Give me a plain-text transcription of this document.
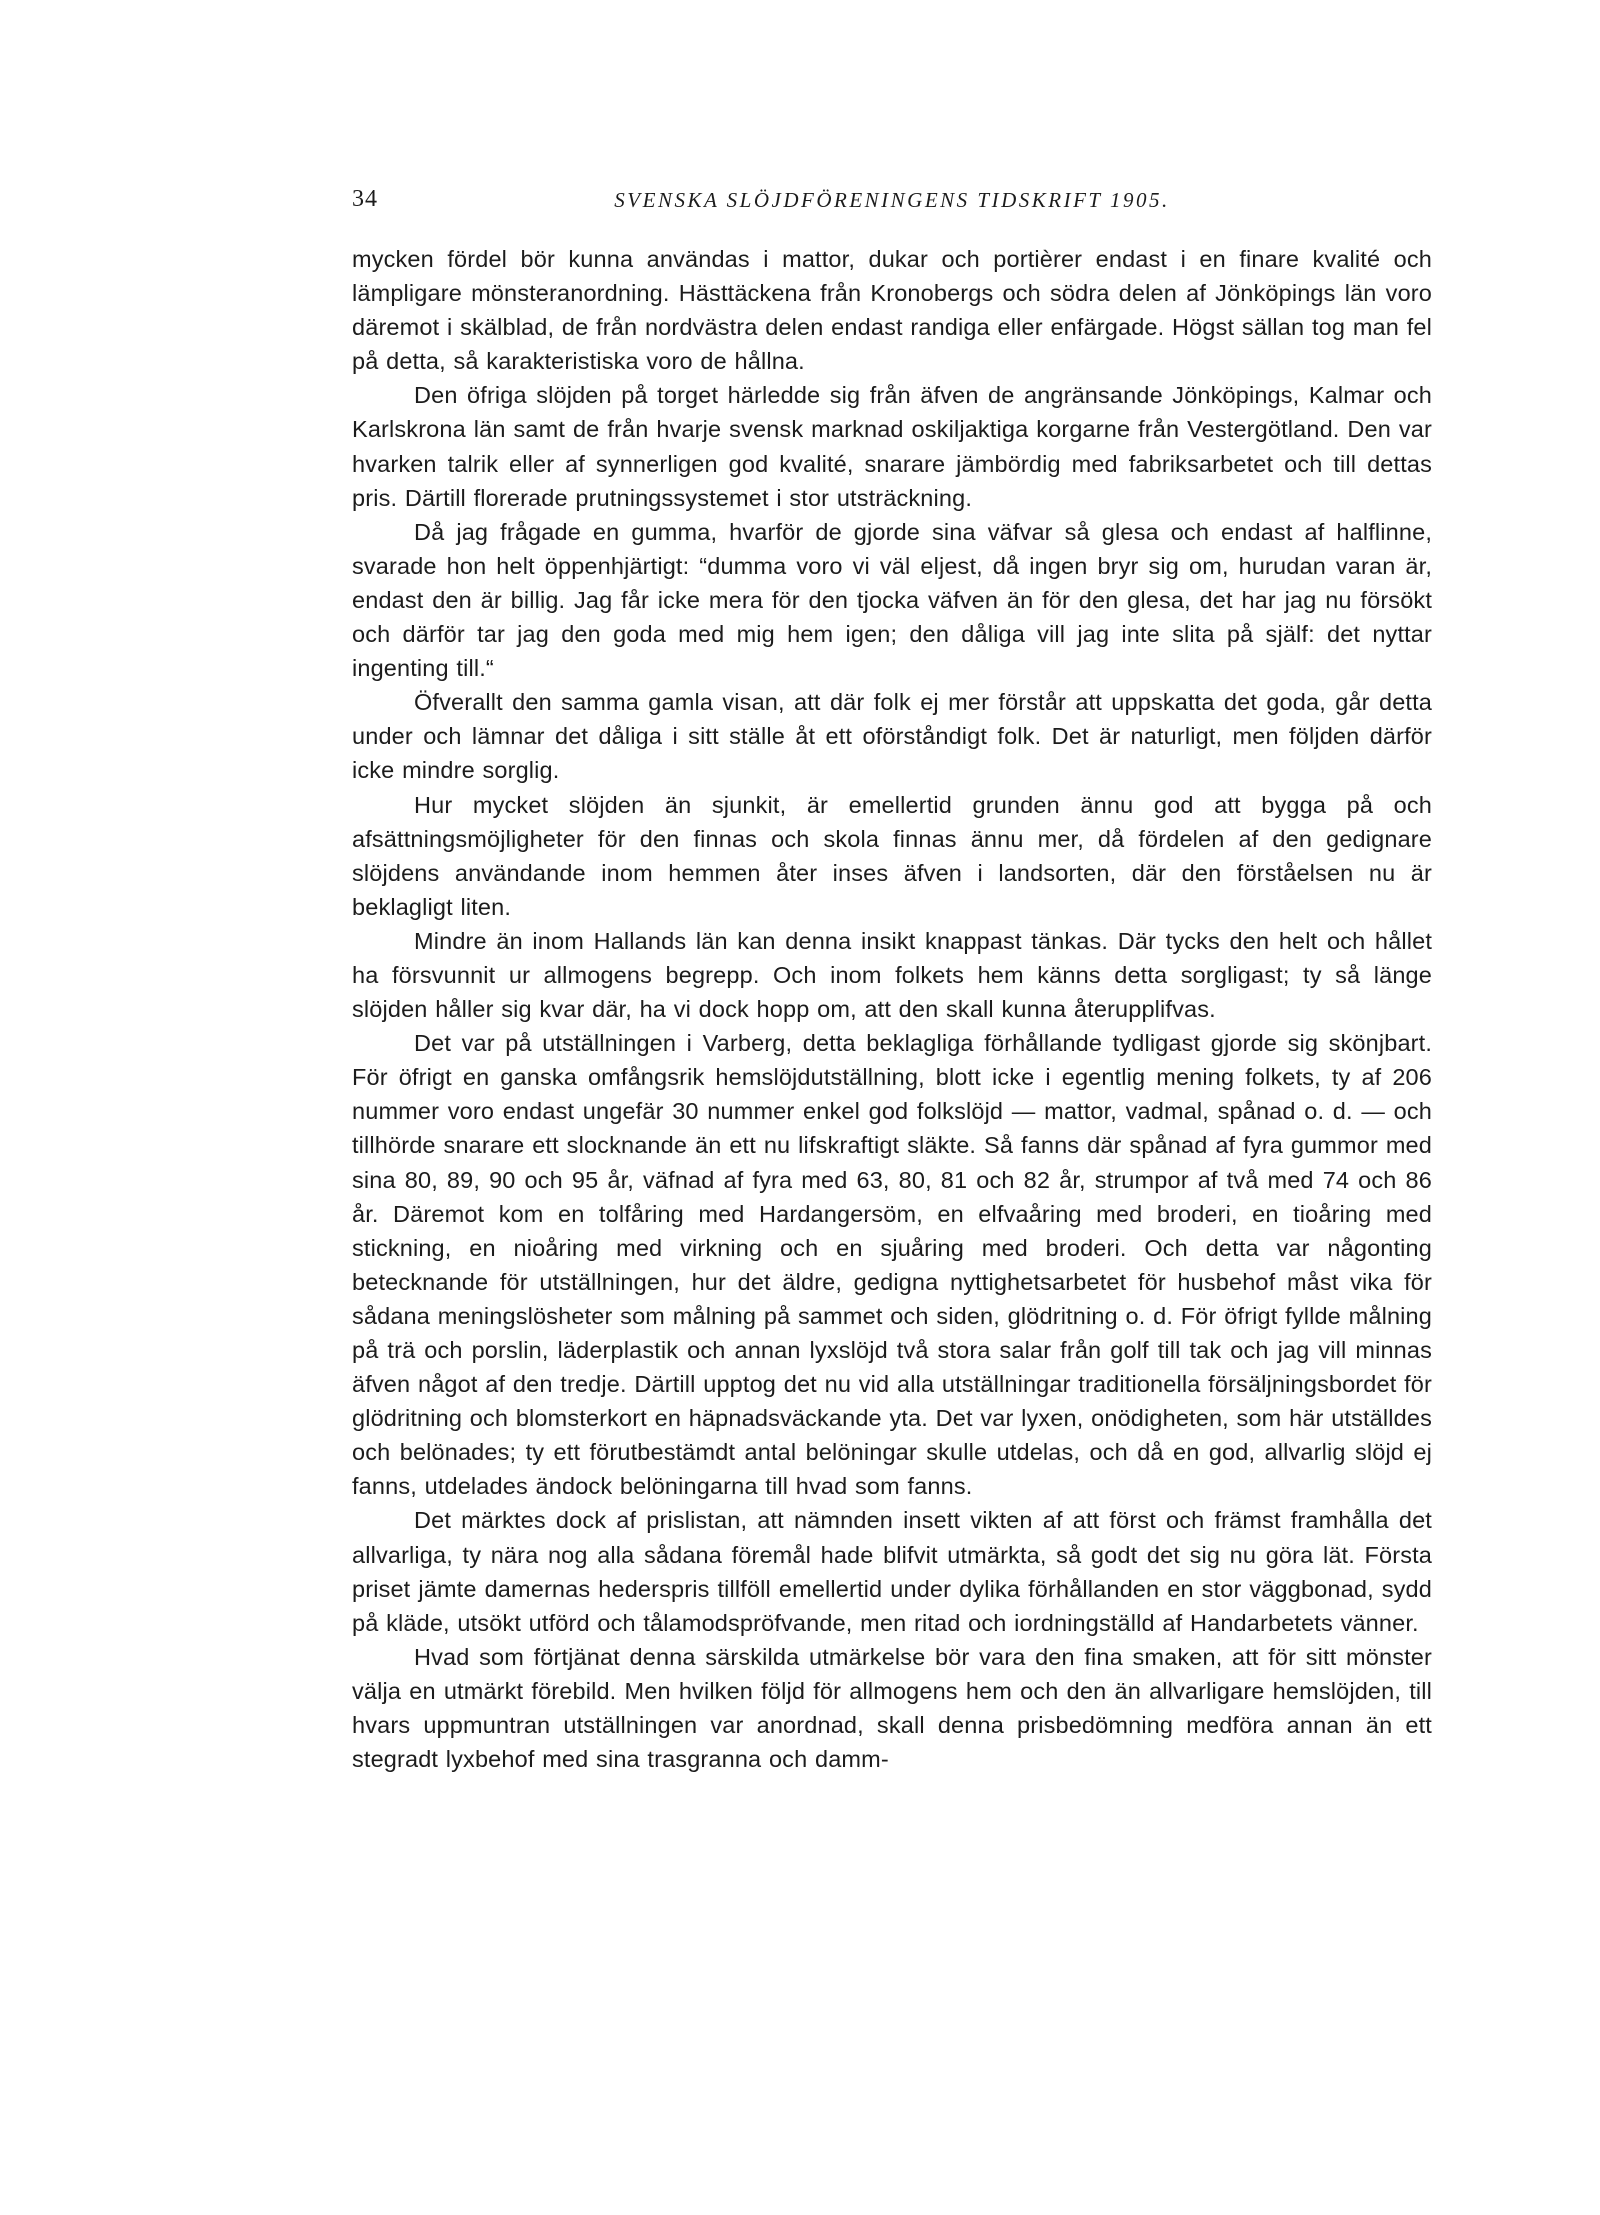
34	SVENSKA SLÖJDFÖRENINGENS TIDSKRIFT 1905.

mycken fördel bör kunna användas i mattor, dukar och portièrer endast i en finare kvalité och lämpligare mönsteranordning. Hästtäckena från Kronobergs och södra delen af Jönköpings län voro däremot i skälblad, de från nordvästra delen endast randiga eller enfärgade. Högst sällan tog man fel på detta, så karakteristiska voro de hållna.

Den öfriga slöjden på torget härledde sig från äfven de angränsande Jönköpings, Kalmar och Karlskrona län samt de från hvarje svensk marknad oskiljaktiga korgarne från Vestergötland. Den var hvarken talrik eller af synnerligen god kvalité, snarare jämbördig med fabriksarbetet och till dettas pris. Därtill florerade prutningssystemet i stor utsträckning.

Då jag frågade en gumma, hvarför de gjorde sina väfvar så glesa och endast af halflinne, svarade hon helt öppenhjärtigt: “dumma voro vi väl eljest, då ingen bryr sig om, hurudan varan är, endast den är billig. Jag får icke mera för den tjocka väfven än för den glesa, det har jag nu försökt och därför tar jag den goda med mig hem igen; den dåliga vill jag inte slita på själf: det nyttar ingenting till.“

Öfverallt den samma gamla visan, att där folk ej mer förstår att uppskatta det goda, går detta under och lämnar det dåliga i sitt ställe åt ett oförståndigt folk. Det är naturligt, men följden därför icke mindre sorglig.

Hur mycket slöjden än sjunkit, är emellertid grunden ännu god att bygga på och afsättningsmöjligheter för den finnas och skola finnas ännu mer, då fördelen af den gedignare slöjdens användande inom hemmen åter inses äfven i landsorten, där den förståelsen nu är beklagligt liten.

Mindre än inom Hallands län kan denna insikt knappast tänkas. Där tycks den helt och hållet ha försvunnit ur allmogens begrepp. Och inom folkets hem känns detta sorgligast; ty så länge slöjden håller sig kvar där, ha vi dock hopp om, att den skall kunna återupplifvas.

Det var på utställningen i Varberg, detta beklagliga förhållande tydligast gjorde sig skönjbart. För öfrigt en ganska omfångsrik hemslöjdutställning, blott icke i egentlig mening folkets, ty af 206 nummer voro endast ungefär 30 nummer enkel god folkslöjd — mattor, vadmal, spånad o. d. — och tillhörde snarare ett slocknande än ett nu lifskraftigt släkte. Så fanns där spånad af fyra gummor med sina 80, 89, 90 och 95 år, väfnad af fyra med 63, 80, 81 och 82 år, strumpor af två med 74 och 86 år. Däremot kom en tolfåring med Hardangersöm, en elfvaåring med broderi, en tioåring med stickning, en nioåring med virkning och en sjuåring med broderi. Och detta var någonting betecknande för utställningen, hur det äldre, gedigna nyttighetsarbetet för husbehof måst vika för sådana meningslösheter som målning på sammet och siden, glödritning o. d. För öfrigt fyllde målning på trä och porslin, läderplastik och annan lyxslöjd två stora salar från golf till tak och jag vill minnas äfven något af den tredje. Därtill upptog det nu vid alla utställningar traditionella försäljningsbordet för glödritning och blomsterkort en häpnadsväckande yta. Det var lyxen, onödigheten, som här utställdes och belönades; ty ett förutbestämdt antal belöningar skulle utdelas, och då en god, allvarlig slöjd ej fanns, utdelades ändock belöningarna till hvad som fanns.

Det märktes dock af prislistan, att nämnden insett vikten af att först och främst framhålla det allvarliga, ty nära nog alla sådana föremål hade blifvit utmärkta, så godt det sig nu göra lät. Första priset jämte damernas hederspris tillföll emellertid under dylika förhållanden en stor väggbonad, sydd på kläde, utsökt utförd och tålamodspröfvande, men ritad och iordningställd af Handarbetets vänner.

Hvad som förtjänat denna särskilda utmärkelse bör vara den fina smaken, att för sitt mönster välja en utmärkt förebild. Men hvilken följd för allmogens hem och den än allvarligare hemslöjden, till hvars uppmuntran utställningen var anordnad, skall denna prisbedömning medföra annan än ett stegradt lyxbehof med sina trasgranna och damm-
